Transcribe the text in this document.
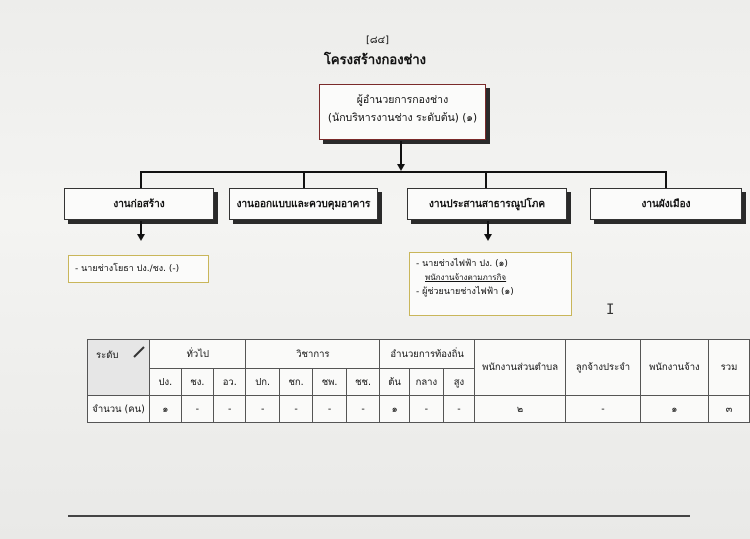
[๘๔]
โครงสร้างกองช่าง
ผู้อำนวยการกองช่าง
(นักบริหารงานช่าง ระดับต้น) (๑)
งานก่อสร้าง	งานออกแบบและควบคุมอาคาร	งานประสานสาธารณูปโภค	งานผังเมือง
- นายช่างโยธา ปง./ชง. (-)	- นายช่างไฟฟ้า ปง. (๑)
พนักงานจ้างตามภารกิจ
- ผู้ช่วยนายช่างไฟฟ้า (๑)
I
ระดับ	ทั่วไป			วิชาการ				อำนวยการท้องถิ่น			พนักงานส่วนตำบล	ลูกจ้างประจำ	พนักงานจ้าง	รวม
	ปง.	ชง.	อว.	ปก.	ชก.	ชพ.	ชช.	ต้น	กลาง	สูง				
จำนวน (คน)	๑	-	-	-	-	-	-	๑	-	-	๒	-	๑	๓
